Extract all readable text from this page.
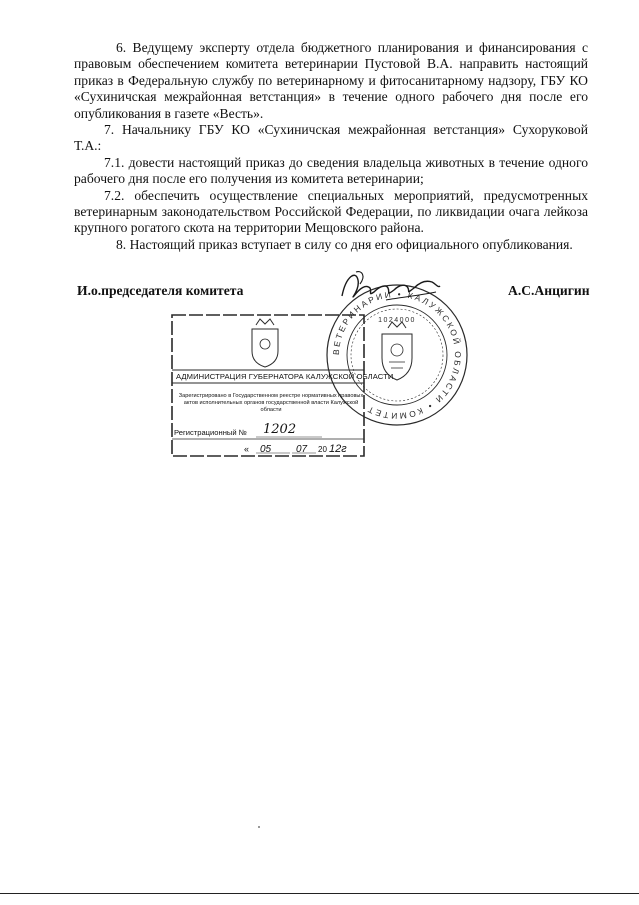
6. Ведущему эксперту отдела бюджетного планирования и финансирования с правовым обеспечением комитета ветеринарии Пустовой В.А. направить настоящий приказ в Федеральную службу по ветеринарному и фитосанитарному надзору, ГБУ КО «Сухиничская межрайонная ветстанция» в течение одного рабочего дня после его опубликования в газете «Весть».

7. Начальнику ГБУ КО «Сухиничская межрайонная ветстанция» Сухоруковой Т.А.:

7.1. довести настоящий приказ до сведения владельца животных в течение одного рабочего дня после его получения из комитета ветеринарии;

7.2. обеспечить осуществление специальных мероприятий, предусмотренных ветеринарным законодательством Российской Федерации, по ликвидации очага лейкоза крупного рогатого скота на территории Мещовского района.

8. Настоящий приказ вступает в силу со дня его официального опубликования.

И.о.председателя комитета	А.С.Анцигин
ВЕТЕРИНАРИИ • КАЛУЖСКОЙ ОБЛАСТИ • КОМИТЕТ
1024000
АДМИНИСТРАЦИЯ ГУБЕРНАТОРА КАЛУЖСКОЙ ОБЛАСТИ
Зарегистрировано в Государственном реестре нормативных правовых актов исполнительных органов государственной власти Калужской области
Регистрационный № 1202
« 05 07 20 12г
